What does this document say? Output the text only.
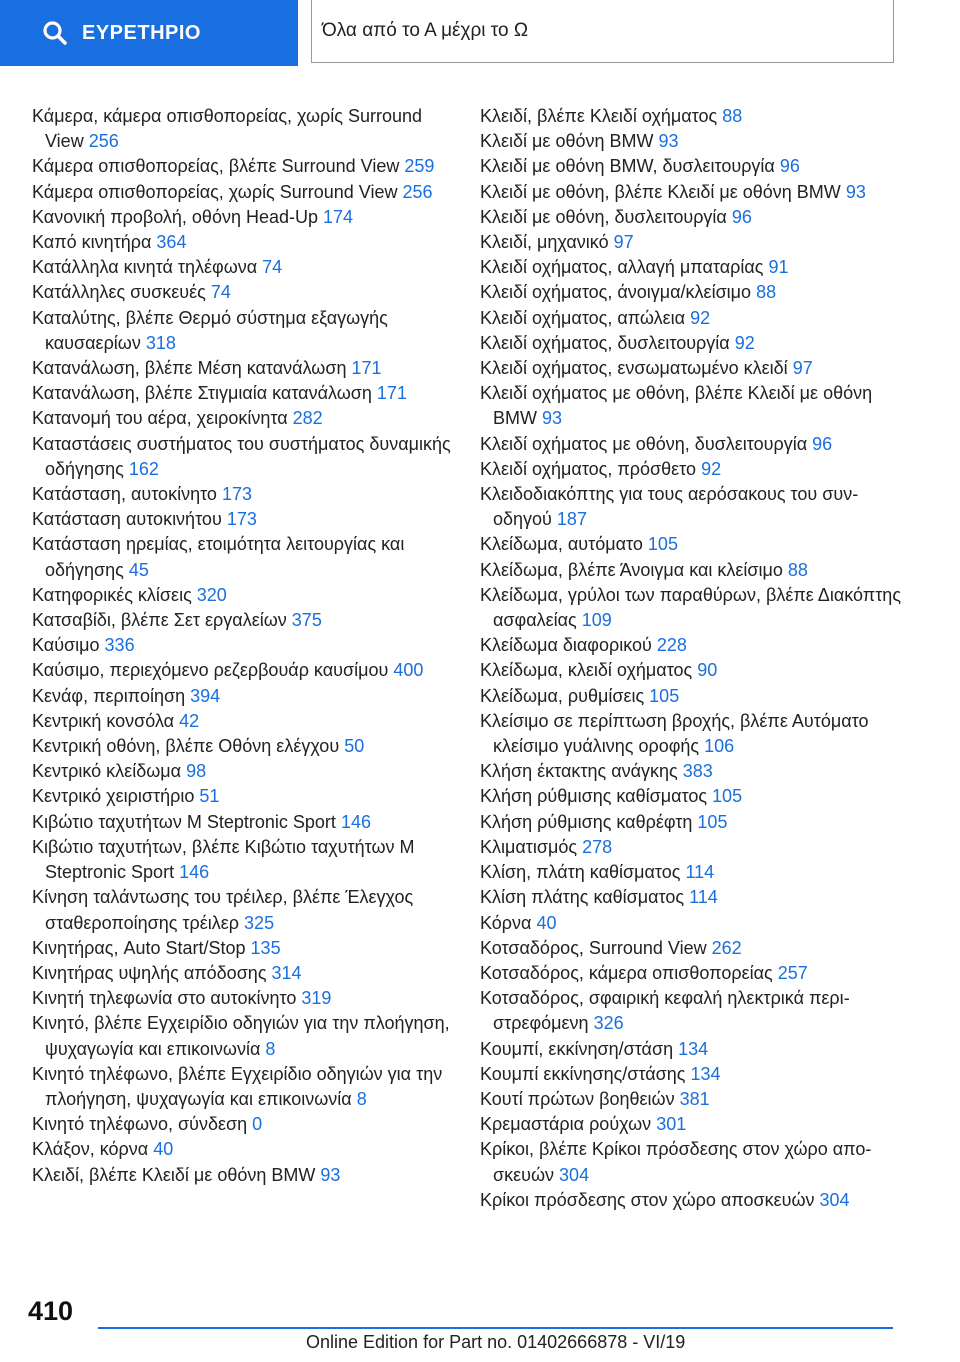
ΕΥΡΕΤΗΡΙΟ	Όλα από το Α μέχρι το Ω

Κάμερα, κάμερα οπισθοπορείας, χωρίς Surround View 256

Κάμερα οπισθοπορείας, βλέπε Surround View 259

Κάμερα οπισθοπορείας, χωρίς Surround View 256

Κανονική προβολή, οθόνη Head-Up 174

Καπό κινητήρα 364

Κατάλληλα κινητά τηλέφωνα 74

Κατάλληλες συσκευές 74

Καταλύτης, βλέπε Θερμό σύστημα εξαγωγής καυσαερίων 318

Κατανάλωση, βλέπε Μέση κατανάλωση 171

Κατανάλωση, βλέπε Στιγμιαία κατανάλωση 171

Κατανομή του αέρα, χειροκίνητα 282

Καταστάσεις συστήματος του συστήματος δυναμικής οδήγησης 162

Κατάσταση, αυτοκίνητο 173

Κατάσταση αυτοκινήτου 173

Κατάσταση ηρεμίας, ετοιμότητα λειτουργίας και οδήγησης 45

Κατηφορικές κλίσεις 320

Κατσαβίδι, βλέπε Σετ εργαλείων 375

Καύσιμο 336

Καύσιμο, περιεχόμενο ρεζερβουάρ καυσίμου 400

Κενάφ, περιποίηση 394

Κεντρική κονσόλα 42

Κεντρική οθόνη, βλέπε Οθόνη ελέγχου 50

Κεντρικό κλείδωμα 98

Κεντρικό χειριστήριο 51

Κιβώτιο ταχυτήτων M Steptronic Sport 146

Κιβώτιο ταχυτήτων, βλέπε Κιβώτιο ταχυτήτων M Steptronic Sport 146

Κίνηση ταλάντωσης του τρέιλερ, βλέπε Έλεγχος σταθεροποίησης τρέιλερ 325

Κινητήρας, Auto Start/Stop 135

Κινητήρας υψηλής απόδοσης 314

Κινητή τηλεφωνία στο αυτοκίνητο 319

Κινητό, βλέπε Εγχειρίδιο οδηγιών για την πλοήγηση, ψυχαγωγία και επικοινωνία 8

Κινητό τηλέφωνο, βλέπε Εγχειρίδιο οδηγιών για την πλοήγηση, ψυχαγωγία και επικοινωνία 8

Κινητό τηλέφωνο, σύνδεση 0

Κλάξον, κόρνα 40

Κλειδί, βλέπε Κλειδί με οθόνη BMW 93

Κλειδί, βλέπε Κλειδί οχήματος 88

Κλειδί με οθόνη BMW 93

Κλειδί με οθόνη BMW, δυσλειτουργία 96

Κλειδί με οθόνη, βλέπε Κλειδί με οθόνη BMW 93

Κλειδί με οθόνη, δυσλειτουργία 96

Κλειδί, μηχανικό 97

Κλειδί οχήματος, αλλαγή μπαταρίας 91

Κλειδί οχήματος, άνοιγμα/κλείσιμο 88

Κλειδί οχήματος, απώλεια 92

Κλειδί οχήματος, δυσλειτουργία 92

Κλειδί οχήματος, ενσωματωμένο κλειδί 97

Κλειδί οχήματος με οθόνη, βλέπε Κλειδί με οθόνη BMW 93

Κλειδί οχήματος με οθόνη, δυσλειτουργία 96

Κλειδί οχήματος, πρόσθετο 92

Κλειδοδιακόπτης για τους αερόσακους του συνοδηγού 187

Κλείδωμα, αυτόματο 105

Κλείδωμα, βλέπε Άνοιγμα και κλείσιμο 88

Κλείδωμα, γρύλοι των παραθύρων, βλέπε Διακόπτης ασφαλείας 109

Κλείδωμα διαφορικού 228

Κλείδωμα, κλειδί οχήματος 90

Κλείδωμα, ρυθμίσεις 105

Κλείσιμο σε περίπτωση βροχής, βλέπε Αυτόματο κλείσιμο γυάλινης οροφής 106

Κλήση έκτακτης ανάγκης 383

Κλήση ρύθμισης καθίσματος 105

Κλήση ρύθμισης καθρέφτη 105

Κλιματισμός 278

Κλίση, πλάτη καθίσματος 114

Κλίση πλάτης καθίσματος 114

Κόρνα 40

Κοτσαδόρος, Surround View 262

Κοτσαδόρος, κάμερα οπισθοπορείας 257

Κοτσαδόρος, σφαιρική κεφαλή ηλεκτρικά περιστρεφόμενη 326

Κουμπί, εκκίνηση/στάση 134

Κουμπί εκκίνησης/στάσης 134

Κουτί πρώτων βοηθειών 381

Κρεμαστάρια ρούχων 301

Κρίκοι, βλέπε Κρίκοι πρόσδεσης στον χώρο αποσκευών 304

Κρίκοι πρόσδεσης στον χώρο αποσκευών 304

410
Online Edition for Part no. 01402666878 - VI/19
